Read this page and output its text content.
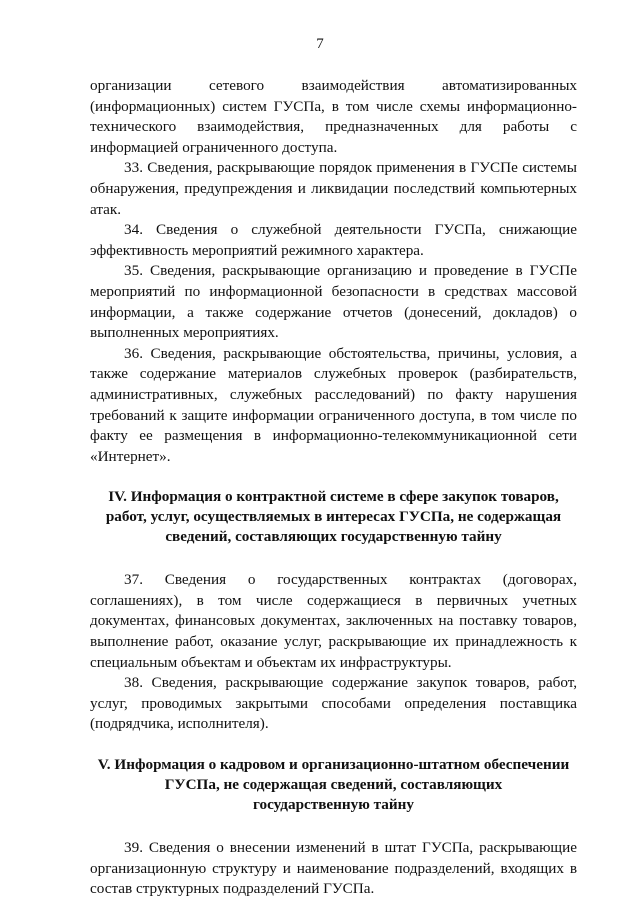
7

организации сетевого взаимодействия автоматизированных (информационных) систем ГУСПа, в том числе схемы информационно-технического взаимодействия, предназначенных для работы с информацией ограниченного доступа.

33. Сведения, раскрывающие порядок применения в ГУСПе системы обнаружения, предупреждения и ликвидации последствий компьютерных атак.

34. Сведения о служебной деятельности ГУСПа, снижающие эффективность мероприятий режимного характера.

35. Сведения, раскрывающие организацию и проведение в ГУСПе мероприятий по информационной безопасности в средствах массовой информации, а также содержание отчетов (донесений, докладов) о выполненных мероприятиях.

36. Сведения, раскрывающие обстоятельства, причины, условия, а также содержание материалов служебных проверок (разбирательств, административных, служебных расследований) по факту нарушения требований к защите информации ограниченного доступа, в том числе по факту ее размещения в информационно-телекоммуникационной сети «Интернет».

IV. Информация о контрактной системе в сфере закупок товаров,
работ, услуг, осуществляемых в интересах ГУСПа, не содержащая
сведений, составляющих государственную тайну

37. Сведения о государственных контрактах (договорах, соглашениях), в том числе содержащиеся в первичных учетных документах, финансовых документах, заключенных на поставку товаров, выполнение работ, оказание услуг, раскрывающие их принадлежность к специальным объектам и объектам их инфраструктуры.

38. Сведения, раскрывающие содержание закупок товаров, работ, услуг, проводимых закрытыми способами определения поставщика (подрядчика, исполнителя).

V. Информация о кадровом и организационно-штатном обеспечении
ГУСПа, не содержащая сведений, составляющих
государственную тайну

39. Сведения о внесении изменений в штат ГУСПа, раскрывающие организационную структуру и наименование подразделений, входящих в состав структурных подразделений ГУСПа.
